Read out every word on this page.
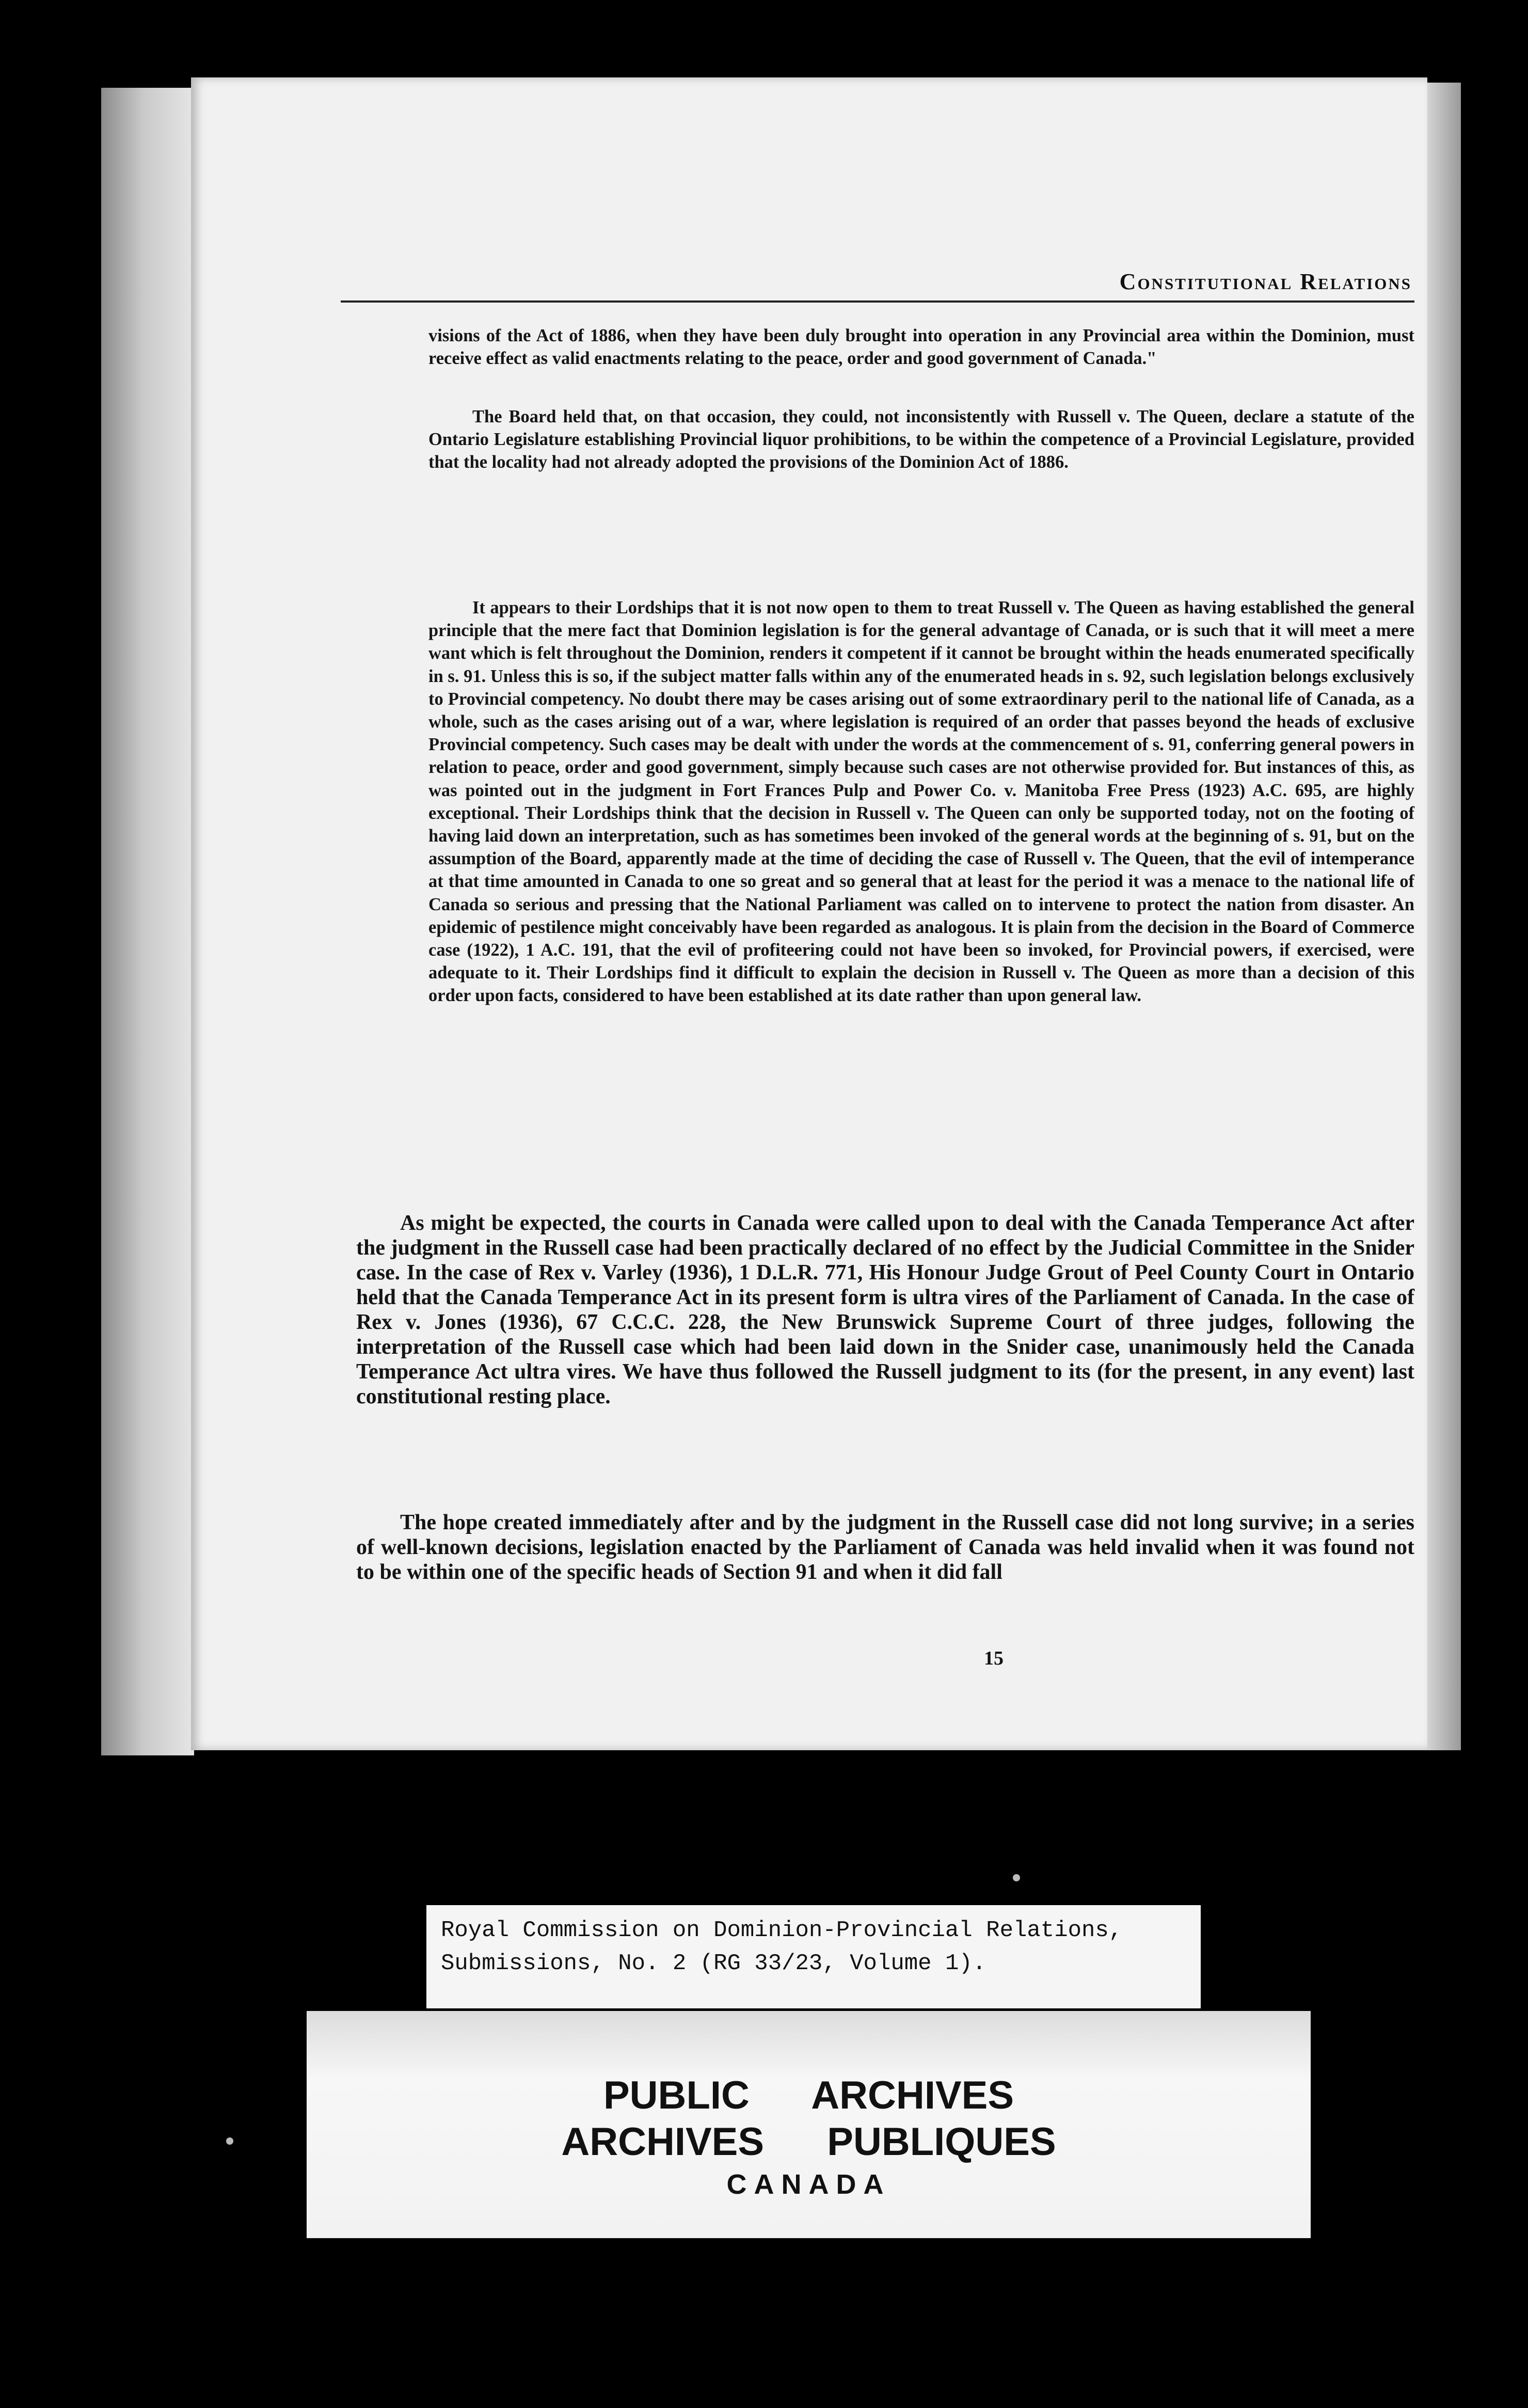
Constitutional Relations

visions of the Act of 1886, when they have been duly brought into operation in any Provincial area within the Dominion, must receive effect as valid enactments relating to the peace, order and good government of Canada."

The Board held that, on that occasion, they could, not inconsistently with Russell v. The Queen, declare a statute of the Ontario Legislature establishing Provincial liquor prohibitions, to be within the competence of a Provincial Legislature, provided that the locality had not already adopted the provisions of the Dominion Act of 1886.

It appears to their Lordships that it is not now open to them to treat Russell v. The Queen as having established the general principle that the mere fact that Dominion legislation is for the general advantage of Canada, or is such that it will meet a mere want which is felt throughout the Dominion, renders it competent if it cannot be brought within the heads enumerated specifically in s. 91. Unless this is so, if the subject matter falls within any of the enumerated heads in s. 92, such legislation belongs exclusively to Provincial competency. No doubt there may be cases arising out of some extraordinary peril to the national life of Canada, as a whole, such as the cases arising out of a war, where legislation is required of an order that passes beyond the heads of exclusive Provincial competency. Such cases may be dealt with under the words at the commencement of s. 91, conferring general powers in relation to peace, order and good government, simply because such cases are not otherwise provided for. But instances of this, as was pointed out in the judgment in Fort Frances Pulp and Power Co. v. Manitoba Free Press (1923) A.C. 695, are highly exceptional. Their Lordships think that the decision in Russell v. The Queen can only be supported today, not on the footing of having laid down an interpretation, such as has sometimes been invoked of the general words at the beginning of s. 91, but on the assumption of the Board, apparently made at the time of deciding the case of Russell v. The Queen, that the evil of intemperance at that time amounted in Canada to one so great and so general that at least for the period it was a menace to the national life of Canada so serious and pressing that the National Parliament was called on to intervene to protect the nation from disaster. An epidemic of pestilence might conceivably have been regarded as analogous. It is plain from the decision in the Board of Commerce case (1922), 1 A.C. 191, that the evil of profiteering could not have been so invoked, for Provincial powers, if exercised, were adequate to it. Their Lordships find it difficult to explain the decision in Russell v. The Queen as more than a decision of this order upon facts, considered to have been established at its date rather than upon general law.

As might be expected, the courts in Canada were called upon to deal with the Canada Temperance Act after the judgment in the Russell case had been practically declared of no effect by the Judicial Committee in the Snider case. In the case of Rex v. Varley (1936), 1 D.L.R. 771, His Honour Judge Grout of Peel County Court in Ontario held that the Canada Temperance Act in its present form is ultra vires of the Parliament of Canada. In the case of Rex v. Jones (1936), 67 C.C.C. 228, the New Brunswick Supreme Court of three judges, following the interpretation of the Russell case which had been laid down in the Snider case, unanimously held the Canada Temperance Act ultra vires. We have thus followed the Russell judgment to its (for the present, in any event) last constitutional resting place.

The hope created immediately after and by the judgment in the Russell case did not long survive; in a series of well-known decisions, legislation enacted by the Parliament of Canada was held invalid when it was found not to be within one of the specific heads of Section 91 and when it did fall

15
Royal Commission on Dominion-Provincial Relations,
Submissions, No. 2 (RG 33/23, Volume 1).
PUBLIC  ARCHIVES
ARCHIVES  PUBLIQUES
CANADA
